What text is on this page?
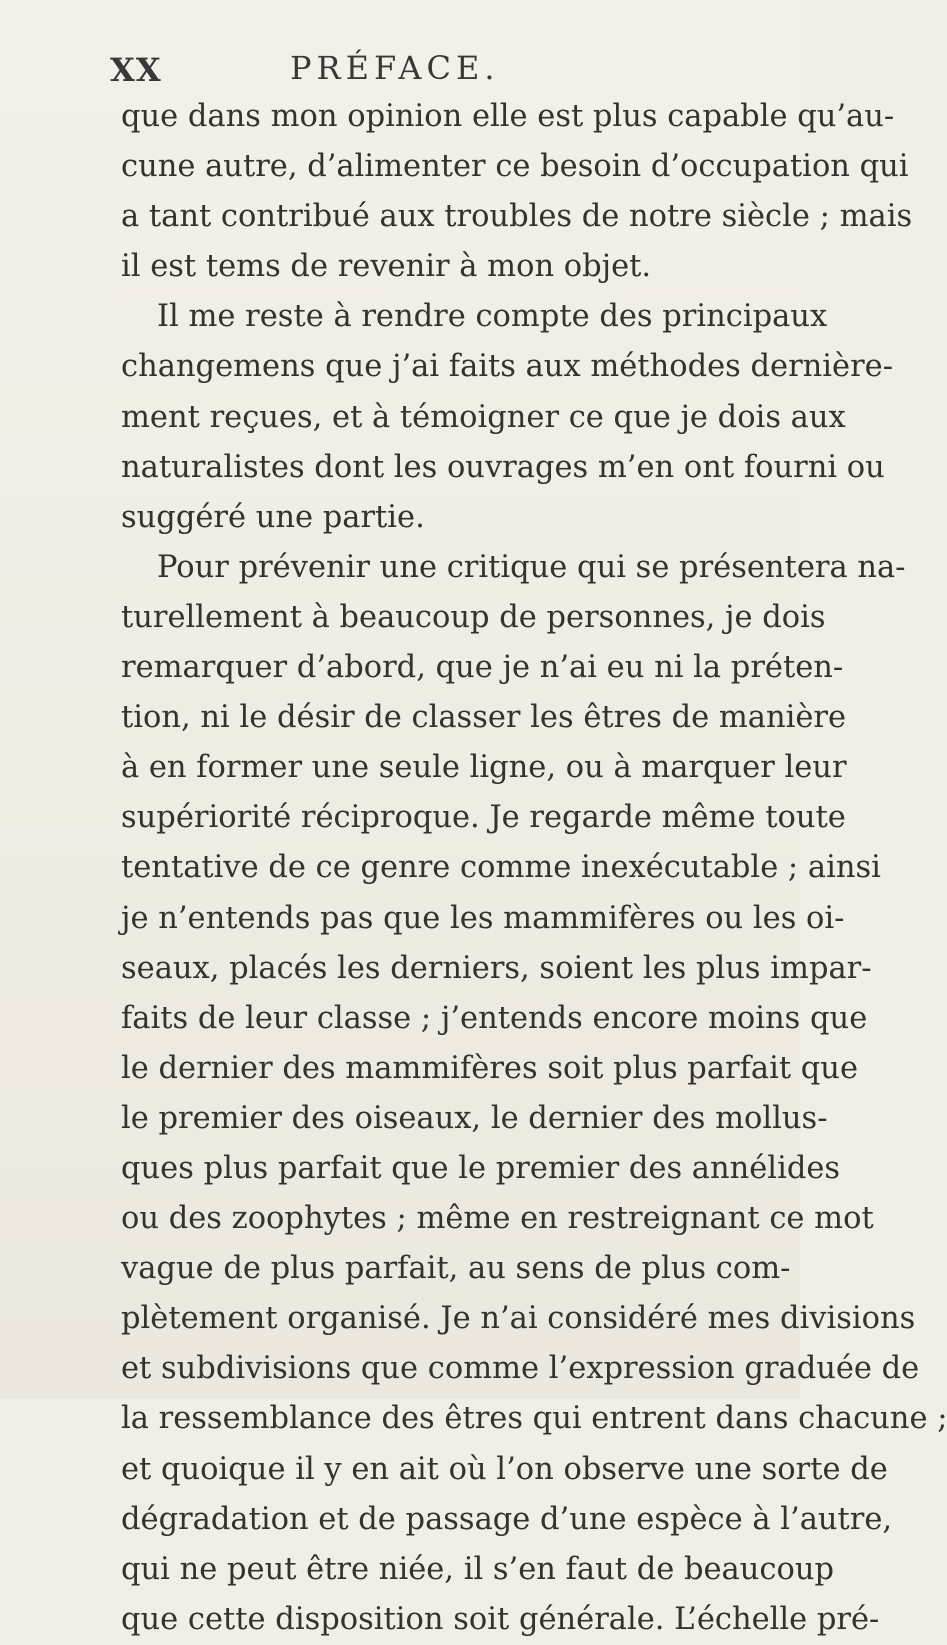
XX	PRÉFACE.
que dans mon opinion elle est plus capable qu’au-
cune autre, d’alimenter ce besoin d’occupation qui
a tant contribué aux troubles de notre siècle ; mais
il est tems de revenir à mon objet.
Il me reste à rendre compte des principaux
changemens que j’ai faits aux méthodes dernière-
ment reçues, et à témoigner ce que je dois aux
naturalistes dont les ouvrages m’en ont fourni ou
suggéré une partie.
Pour prévenir une critique qui se présentera na-
turellement à beaucoup de personnes, je dois
remarquer d’abord, que je n’ai eu ni la préten-
tion, ni le désir de classer les êtres de manière
à en former une seule ligne, ou à marquer leur
supériorité réciproque. Je regarde même toute
tentative de ce genre comme inexécutable ; ainsi
je n’entends pas que les mammifères ou les oi-
seaux, placés les derniers, soient les plus impar-
faits de leur classe ; j’entends encore moins que
le dernier des mammifères soit plus parfait que
le premier des oiseaux, le dernier des mollus-
ques plus parfait que le premier des annélides
ou des zoophytes ; même en restreignant ce mot
vague de plus parfait, au sens de plus com-
plètement organisé. Je n’ai considéré mes divisions
et subdivisions que comme l’expression graduée de
la ressemblance des êtres qui entrent dans chacune ;
et quoique il y en ait où l’on observe une sorte de
dégradation et de passage d’une espèce à l’autre,
qui ne peut être niée, il s’en faut de beaucoup
que cette disposition soit générale. L’échelle pré-
